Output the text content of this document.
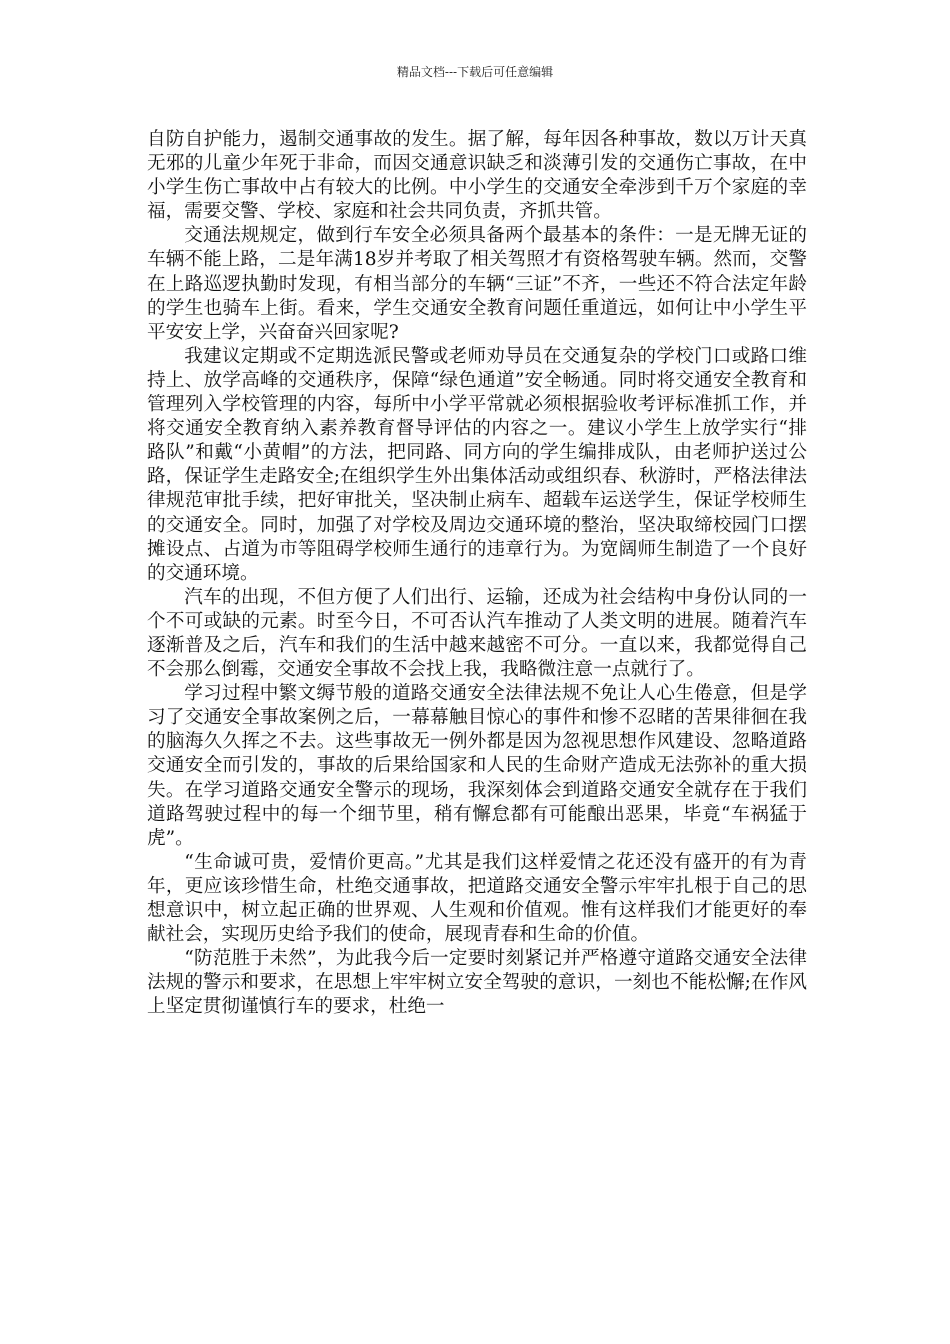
精品文档---下载后可任意编辑

自防自护能力，遏制交通事故的发生。据了解，每年因各种事故，数以万计天真无邪的儿童少年死于非命，而因交通意识缺乏和淡薄引发的交通伤亡事故，在中小学生伤亡事故中占有较大的比例。中小学生的交通安全牵涉到千万个家庭的幸福，需要交警、学校、家庭和社会共同负责，齐抓共管。

交通法规规定，做到行车安全必须具备两个最基本的条件：一是无牌无证的车辆不能上路，二是年满18岁并考取了相关驾照才有资格驾驶车辆。然而，交警在上路巡逻执勤时发现，有相当部分的车辆“三证”不齐，一些还不符合法定年龄的学生也骑车上街。看来，学生交通安全教育问题任重道远，如何让中小学生平平安安上学，兴奋奋兴回家呢?

我建议定期或不定期选派民警或老师劝导员在交通复杂的学校门口或路口维持上、放学高峰的交通秩序，保障“绿色通道”安全畅通。同时将交通安全教育和管理列入学校管理的内容，每所中小学平常就必须根据验收考评标准抓工作，并将交通安全教育纳入素养教育督导评估的内容之一。建议小学生上放学实行“排路队”和戴“小黄帽”的方法，把同路、同方向的学生编排成队，由老师护送过公路，保证学生走路安全;在组织学生外出集体活动或组织春、秋游时，严格法律法律规范审批手续，把好审批关，坚决制止病车、超载车运送学生，保证学校师生的交通安全。同时，加强了对学校及周边交通环境的整治，坚决取缔校园门口摆摊设点、占道为市等阻碍学校师生通行的违章行为。为宽阔师生制造了一个良好的交通环境。

汽车的出现，不但方便了人们出行、运输，还成为社会结构中身份认同的一个不可或缺的元素。时至今日，不可否认汽车推动了人类文明的进展。随着汽车逐渐普及之后，汽车和我们的生活中越来越密不可分。一直以来，我都觉得自己不会那么倒霉，交通安全事故不会找上我，我略微注意一点就行了。

学习过程中繁文缛节般的道路交通安全法律法规不免让人心生倦意，但是学习了交通安全事故案例之后，一幕幕触目惊心的事件和惨不忍睹的苦果徘徊在我的脑海久久挥之不去。这些事故无一例外都是因为忽视思想作风建设、忽略道路交通安全而引发的，事故的后果给国家和人民的生命财产造成无法弥补的重大损失。在学习道路交通安全警示的现场，我深刻体会到道路交通安全就存在于我们道路驾驶过程中的每一个细节里，稍有懈怠都有可能酿出恶果，毕竟“车祸猛于虎”。

“生命诚可贵，爱情价更高。”尤其是我们这样爱情之花还没有盛开的有为青年，更应该珍惜生命，杜绝交通事故，把道路交通安全警示牢牢扎根于自己的思想意识中，树立起正确的世界观、人生观和价值观。惟有这样我们才能更好的奉献社会，实现历史给予我们的使命，展现青春和生命的价值。

“防范胜于未然”，为此我今后一定要时刻紧记并严格遵守道路交通安全法律法规的警示和要求，在思想上牢牢树立安全驾驶的意识，一刻也不能松懈;在作风上坚定贯彻谨慎行车的要求，杜绝一
